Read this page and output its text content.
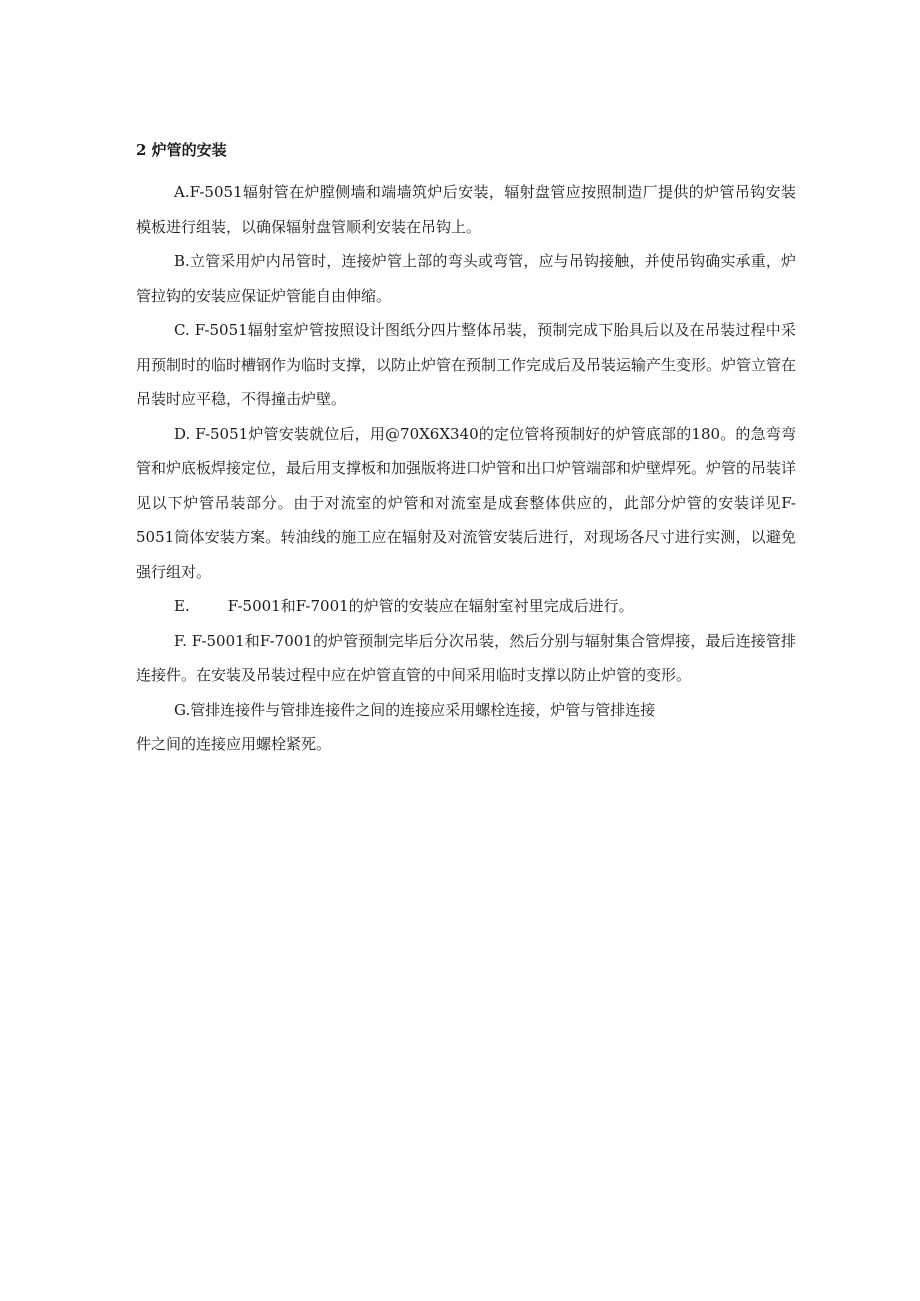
2 炉管的安装

A.F-5051辐射管在炉膛侧墙和端墙筑炉后安装，辐射盘管应按照制造厂提供的炉管吊钩安装模板进行组装，以确保辐射盘管顺利安装在吊钩上。

B.立管采用炉内吊管时，连接炉管上部的弯头或弯管，应与吊钩接触，并使吊钩确实承重，炉管拉钩的安装应保证炉管能自由伸缩。

C. F-5051辐射室炉管按照设计图纸分四片整体吊装，预制完成下胎具后以及在吊装过程中采用预制时的临时槽钢作为临时支撑，以防止炉管在预制工作完成后及吊装运输产生变形。炉管立管在吊装时应平稳，不得撞击炉壁。

D. F-5051炉管安装就位后，用@70X6X340的定位管将预制好的炉管底部的180。的急弯弯管和炉底板焊接定位，最后用支撑板和加强版将进口炉管和出口炉管端部和炉壁焊死。炉管的吊装详见以下炉管吊装部分。由于对流室的炉管和对流室是成套整体供应的，此部分炉管的安装详见F-5051筒体安装方案。转油线的施工应在辐射及对流管安装后进行，对现场各尺寸进行实测，以避免强行组对。

E.	F-5001和F-7001的炉管的安装应在辐射室衬里完成后进行。

F. F-5001和F-7001的炉管预制完毕后分次吊装，然后分别与辐射集合管焊接，最后连接管排连接件。在安装及吊装过程中应在炉管直管的中间采用临时支撑以防止炉管的变形。

G.管排连接件与管排连接件之间的连接应采用螺栓连接，炉管与管排连接
件之间的连接应用螺栓紧死。
